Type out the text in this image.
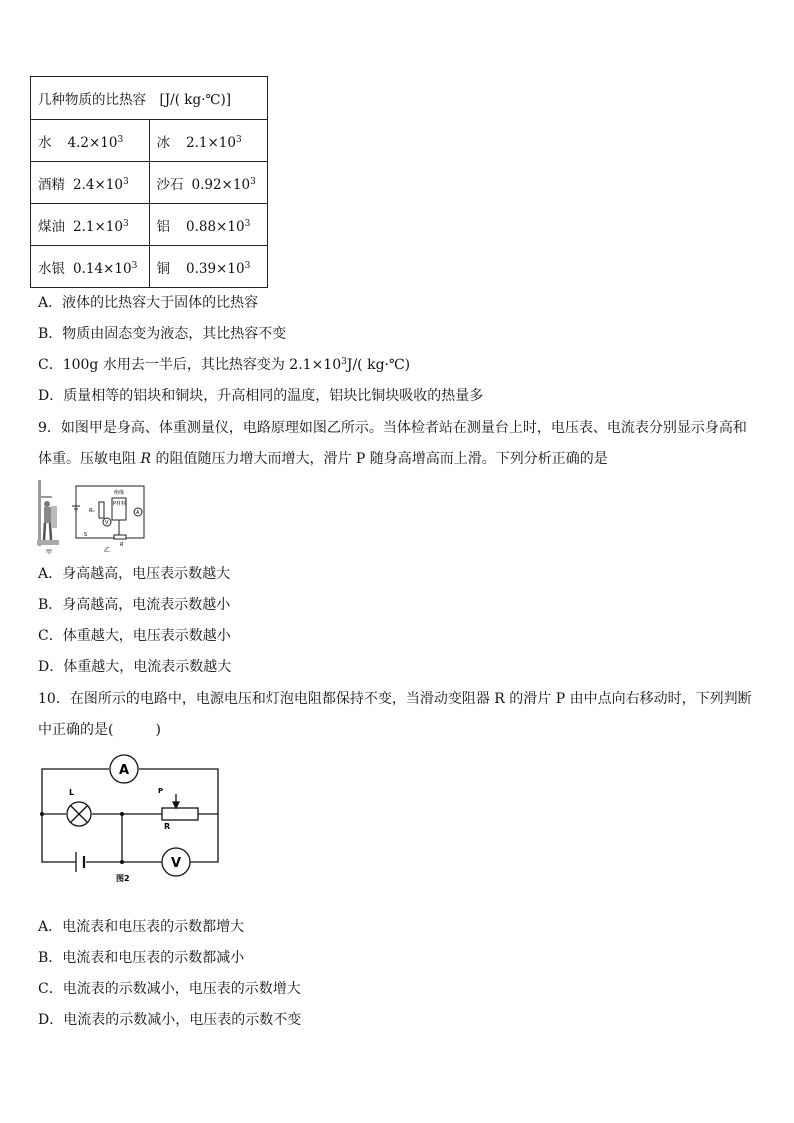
几种物质的比热容　[J/( kg·℃)]	
水 $4.2\times 10^3$	冰 $2.1\times 10^3$
酒精 $2.4\times 10^3$	沙石 $0.92\times 10^3$
煤油 $2.1\times 10^3$	铝 $0.88\times 10^3$
水银 $0.14\times 10^3$	铜 $0.39\times 10^3$
A．液体的比热容大于固体的比热容
B．物质由固态变为液态，其比热容不变
C．100g 水用去一半后，其比热容变为 $2.1\times 10^3J/$( kg·℃)
D．质量相等的铝块和铜块，升高相同的温度，铝块比铜块吸收的热量多
9．如图甲是身高、体重测量仪，电路原理如图乙所示。当体检者站在测量台上时，电压表、电流表分别显示身高和体重。压敏电阻 R 的阻值随压力增大而增大，滑片 P 随身高增高而上滑。下列分析正确的是
甲
V
A
绝缘
P材料
R₀
R
S
乙
A．身高越高，电压表示数越大
B．身高越高，电流表示数越小
C．体重越大，电压表示数越小
D．体重越大，电流表示数越大
10．在图所示的电路中，电源电压和灯泡电阻都保持不变，当滑动变阻器 R 的滑片 P 由中点向右移动时，下列判断中正确的是(　　　)
A
L
V
P
R
图2
A．电流表和电压表的示数都增大
B．电流表和电压表的示数都减小
C．电流表的示数减小，电压表的示数增大
D．电流表的示数减小，电压表的示数不变
